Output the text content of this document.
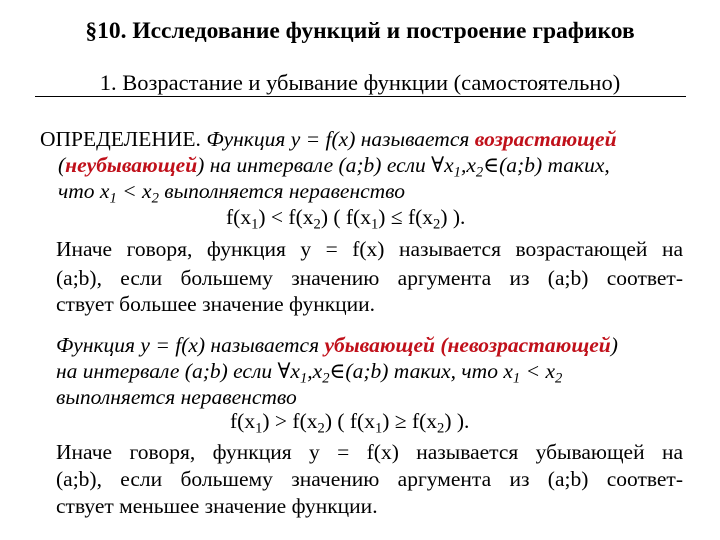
§10. Исследование функций и построение графиков
1. Возрастание и убывание функции (самостоятельно)
ОПРЕДЕЛЕНИЕ. Функция y = f(x) называется возрастающей
(неубывающей) на интервале (a;b) если $\forall x_1,x_2\in(a;b)$ таких,
что $x_1 < x_2$ выполняется неравенство
$f(x_1) < f(x_2)$ ( $f(x_1) \le f(x_2)$ ).
Иначе говоря, функция y = f(x) называется возрастающей на
(a;b), если большему значению аргумента из (a;b) соответ-
ствует большее значение функции.
Функция y = f(x) называется убывающей (невозрастающей)
на интервале (a;b) если $\forall x_1,x_2\in(a;b)$ таких, что $x_1 < x_2$
выполняется неравенство
$f(x_1) > f(x_2)$ ( $f(x_1) \ge f(x_2)$ ).
Иначе говоря, функция y = f(x) называется убывающей на
(a;b), если большему значению аргумента из (a;b) соответ-
ствует меньшее значение функции.
